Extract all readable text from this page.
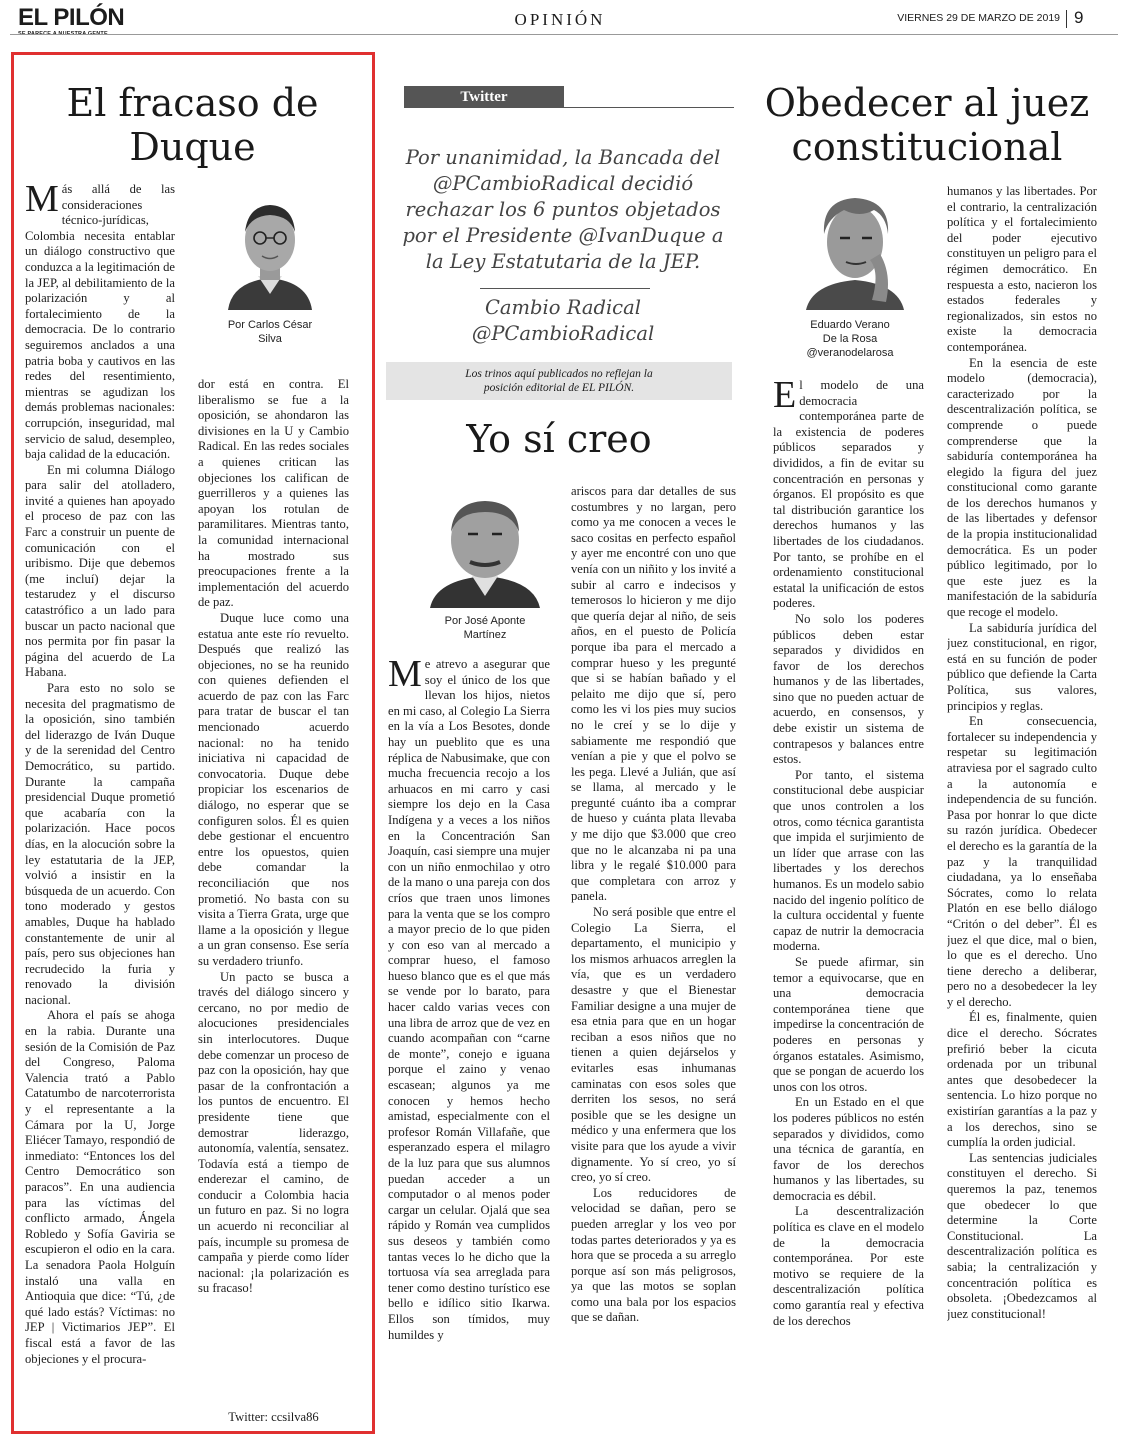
EL PILÓN	OPINIÓN	VIERNES 29 DE MARZO DE 2019 9
El fracaso de
Duque
Por Carlos César
Silva

Más allá de las consideraciones técnico-jurídicas, Colombia necesita entablar un diálogo constructivo que conduzca a la legitimación de la JEP, al debilitamiento de la polarización y al fortalecimiento de la democracia. De lo contrario seguiremos anclados a una patria boba y cautivos en las redes del resentimiento, mientras se agudizan los demás problemas nacionales: corrupción, inseguridad, mal servicio de salud, desempleo, baja calidad de la educación.

En mi columna Diálogo para salir del atolladero, invité a quienes han apoyado el proceso de paz con las Farc a construir un puente de comunicación con el uribismo. Dije que debemos (me incluí) dejar la testarudez y el discurso catastrófico a un lado para buscar un pacto nacional que nos permita por fin pasar la página del acuerdo de La Habana.

Para esto no solo se necesita del pragmatismo de la oposición, sino también del liderazgo de Iván Duque y de la serenidad del Centro Democrático, su partido. Durante la campaña presidencial Duque prometió que acabaría con la polarización. Hace pocos días, en la alocución sobre la ley estatutaria de la JEP, volvió a insistir en la búsqueda de un acuerdo. Con tono moderado y gestos amables, Duque ha hablado constantemente de unir al país, pero sus objeciones han recrudecido la furia y renovado la división nacional.

Ahora el país se ahoga en la rabia. Durante una sesión de la Comisión de Paz del Congreso, Paloma Valencia trató a Pablo Catatumbo de narcoterrorista y el representante a la Cámara por la U, Jorge Eliécer Tamayo, respondió de inmediato: “Entonces los del Centro Democrático son paracos”. En una audiencia para las víctimas del conflicto armado, Ángela Robledo y Sofía Gaviria se escupieron el odio en la cara. La senadora Paola Holguín instaló una valla en Antioquia que dice: “Tú, ¿de qué lado estás? Víctimas: no JEP | Victimarios JEP”. El fiscal está a favor de las objeciones y el procura-

dor está en contra. El liberalismo se fue a la oposición, se ahondaron las divisiones en la U y Cambio Radical. En las redes sociales a quienes critican las objeciones los califican de guerrilleros y a quienes las apoyan los rotulan de paramilitares. Mientras tanto, la comunidad internacional ha mostrado sus preocupaciones frente a la implementación del acuerdo de paz.

Duque luce como una estatua ante este río revuelto. Después que realizó las objeciones, no se ha reunido con quienes defienden el acuerdo de paz con las Farc para tratar de buscar el tan mencionado acuerdo nacional: no ha tenido iniciativa ni capacidad de convocatoria. Duque debe propiciar los escenarios de diálogo, no esperar que se configuren solos. Él es quien debe gestionar el encuentro entre los opuestos, quien debe comandar la reconciliación que nos prometió. No basta con su visita a Tierra Grata, urge que llame a la oposición y llegue a un gran consenso. Ese sería su verdadero triunfo.

Un pacto se busca a través del diálogo sincero y cercano, no por medio de alocuciones presidenciales sin interlocutores. Duque debe comenzar un proceso de paz con la oposición, hay que pasar de la confrontación a los puntos de encuentro. El presidente tiene que demostrar liderazgo, autonomía, valentía, sensatez. Todavía está a tiempo de enderezar el camino, de conducir a Colombia hacia un futuro en paz. Si no logra un acuerdo ni reconciliar al país, incumple su promesa de campaña y pierde como líder nacional: ¡la polarización es su fracaso!

Twitter: ccsilva86
Twitter
Por unanimidad, la Bancada del @PCambioRadical decidió rechazar los 6 puntos objetados por el Presidente @IvanDuque a la Ley Estatutaria de la JEP.
Cambio Radical
@PCambioRadical
Los trinos aquí publicados no reflejan la
posición editorial de EL PILÓN.
Yo sí creo
Por José Aponte
Martínez

Me atrevo a asegurar que soy el único de los que llevan los hijos, nietos en mi caso, al Colegio La Sierra en la vía a Los Besotes, donde hay un pueblito que es una réplica de Nabusimake, que con mucha frecuencia recojo a los arhuacos en mi carro y casi siempre los dejo en la Casa Indígena y a veces a los niños en la Concentración San Joaquín, casi siempre una mujer con un niño enmochilao y otro de la mano o una pareja con dos críos que traen unos limones para la venta que se los compro a mayor precio de lo que piden y con eso van al mercado a comprar hueso, el famoso hueso blanco que es el que más se vende por lo barato, para hacer caldo varias veces con una libra de arroz que de vez en cuando acompañan con “carne de monte”, conejo e iguana porque el zaino y venao escasean; algunos ya me conocen y hemos hecho amistad, especialmente con el profesor Román Villafañe, que esperanzado espera el milagro de la luz para que sus alumnos puedan acceder a un computador o al menos poder cargar un celular. Ojalá que sea rápido y Román vea cumplidos sus deseos y también como tantas veces lo he dicho que la tortuosa vía sea arreglada para tener como destino turístico ese bello e idílico sitio Ikarwa. Ellos son tímidos, muy humildes y

ariscos para dar detalles de sus costumbres y no largan, pero como ya me conocen a veces le saco cositas en perfecto español y ayer me encontré con uno que venía con un niñito y los invité a subir al carro e indecisos y temerosos lo hicieron y me dijo que quería dejar al niño, de seis años, en el puesto de Policía porque iba para el mercado a comprar hueso y les pregunté que si se habían bañado y el pelaito me dijo que sí, pero como les vi los pies muy sucios no le creí y se lo dije y sabiamente me respondió que venían a pie y que el polvo se les pega. Llevé a Julián, que así se llama, al mercado y le pregunté cuánto iba a comprar de hueso y cuánta plata llevaba y me dijo que $3.000 que creo que no le alcanzaba ni pa una libra y le regalé $10.000 para que completara con arroz y panela.

No será posible que entre el Colegio La Sierra, el departamento, el municipio y los mismos arhuacos arreglen la vía, que es un verdadero desastre y que el Bienestar Familiar designe a una mujer de esa etnia para que en un hogar reciban a esos niños que no tienen a quien dejárselos y evitarles esas inhumanas caminatas con esos soles que derriten los sesos, no será posible que se les designe un médico y una enfermera que los visite para que los ayude a vivir dignamente. Yo sí creo, yo sí creo, yo sí creo.

Los reducidores de velocidad se dañan, pero se pueden arreglar y los veo por todas partes deteriorados y ya es hora que se proceda a su arreglo porque así son más peligrosos, ya que las motos se soplan como una bala por los espacios que se dañan.

Obedecer al juez
constitucional
Eduardo Verano
De la Rosa
@veranodelarosa

El modelo de una democracia contemporánea parte de la existencia de poderes públicos separados y divididos, a fin de evitar su concentración en personas y órganos. El propósito es que tal distribución garantice los derechos humanos y las libertades de los ciudadanos. Por tanto, se prohíbe en el ordenamiento constitucional estatal la unificación de estos poderes.

No solo los poderes públicos deben estar separados y divididos en favor de los derechos humanos y de las libertades, sino que no pueden actuar de acuerdo, en consensos, y debe existir un sistema de contrapesos y balances entre estos.

Por tanto, el sistema constitucional debe auspiciar que unos controlen a los otros, como técnica garantista que impida el surjimiento de un líder que arrase con las libertades y los derechos humanos. Es un modelo sabio nacido del ingenio político de la cultura occidental y fuente capaz de nutrir la democracia moderna.

Se puede afirmar, sin temor a equivocarse, que en una democracia contemporánea tiene que impedirse la concentración de poderes en personas y órganos estatales. Asimismo, que se pongan de acuerdo los unos con los otros.

En un Estado en el que los poderes públicos no estén separados y divididos, como una técnica de garantía, en favor de los derechos humanos y las libertades, su democracia es débil.

La descentralización política es clave en el modelo de la democracia contemporánea. Por este motivo se requiere de la descentralización política como garantía real y efectiva de los derechos

humanos y las libertades. Por el contrario, la centralización política y el fortalecimiento del poder ejecutivo constituyen un peligro para el régimen democrático. En respuesta a esto, nacieron los estados federales y regionalizados, sin estos no existe la democracia contemporánea.

En la esencia de este modelo (democracia), caracterizado por la descentralización política, se comprende o puede comprenderse que la sabiduría contemporánea ha elegido la figura del juez constitucional como garante de los derechos humanos y de las libertades y defensor de la propia institucionalidad democrática. Es un poder público legitimado, por lo que este juez es la manifestación de la sabiduría que recoge el modelo.

La sabiduría jurídica del juez constitucional, en rigor, está en su función de poder público que defiende la Carta Política, sus valores, principios y reglas.

En consecuencia, fortalecer su independencia y respetar su legitimación atraviesa por el sagrado culto a la autonomía e independencia de su función. Pasa por honrar lo que dicte su razón jurídica. Obedecer el derecho es la garantía de la paz y la tranquilidad ciudadana, ya lo enseñaba Sócrates, como lo relata Platón en ese bello diálogo “Critón o del deber”. Él es juez el que dice, mal o bien, lo que es el derecho. Uno tiene derecho a deliberar, pero no a desobedecer la ley y el derecho.

Él es, finalmente, quien dice el derecho. Sócrates prefirió beber la cicuta ordenada por un tribunal antes que desobedecer la sentencia. Lo hizo porque no existirían garantías a la paz y a los derechos, sino se cumplía la orden judicial.

Las sentencias judiciales constituyen el derecho. Si queremos la paz, tenemos que obedecer lo que determine la Corte Constitucional. La descentralización política es sabia; la centralización y concentración política es obsoleta. ¡Obedezcamos al juez constitucional!
